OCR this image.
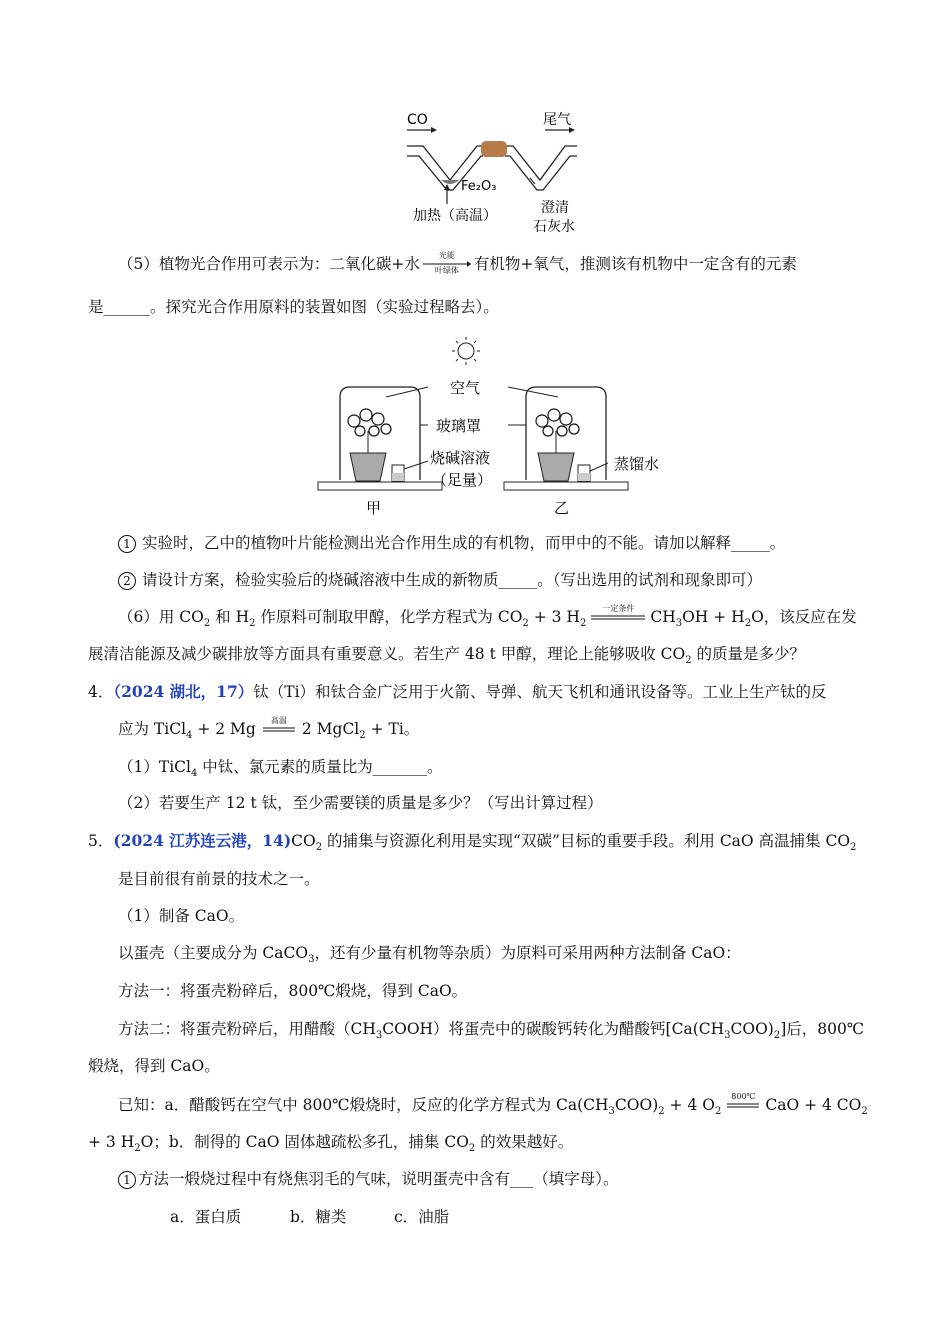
CO	尾气
Fe₂O₃
加热（高温）	澄清
石灰水
（5）植物光合作用可表示为：二氧化碳+水	光能
叶绿体 有机物+氧气，推测该有机物中一定含有的元素
是______。探究光合作用原料的装置如图（实验过程略去）。
空气
玻璃罩
烧碱溶液
（足量）
蒸馏水
甲	乙
1 实验时，乙中的植物叶片能检测出光合作用生成的有机物，而甲中的不能。请加以解释_____。
2 请设计方案，检验实验后的烧碱溶液中生成的新物质_____。（写出选用的试剂和现象即可）
（6）用 $CO_2$ 和 $H_2$ 作原料可制取甲醇，化学方程式为 $CO_2 + 3$ $H_2$
一定条件	$CH_3OH + H_2O$，该反应在发
展清洁能源及减少碳排放等方面具有重要意义。若生产 48 t 甲醇，理论上能够吸收 $CO_2$ 的质量是多少？
4．（2024 湖北，17）钛（Ti）和钛合金广泛用于火箭、导弹、航天飞机和通讯设备等。工业上生产钛的反
应为 TiCl$_4$ + 2 Mg	高温 2 MgCl$_2$ + Ti。
（1）TiCl$_4$ 中钛、氯元素的质量比为_______。
（2）若要生产 12 t 钛，至少需要镁的质量是多少？（写出计算过程）
5．(2024 江苏连云港，$14)CO_2$ 的捕集与资源化利用是实现“双碳”目标的重要手段。利用 CaO 高温捕集 $CO_2$
是目前很有前景的技术之一。
（1）制备 CaO。
以蛋壳（主要成分为 CaCO$_3$，还有少量有机物等杂质）为原料可采用两种方法制备 CaO：
方法一：将蛋壳粉碎后，800℃煅烧，得到 CaO。
方法二：将蛋壳粉碎后，用醋酸$(CH_3COOH)$将蛋壳中的碳酸钙转化为醋酸钙$[Ca(CH_3COO)_2]$后，800℃
煅烧，得到 CaO。
已知：a．醋酸钙在空气中 800℃煅烧时，反应的化学方程式为 $Ca(CH_3COO)_2 + 4$ $O_2$
800℃ CaO + 4 $CO_2$
+ 3 $H_2O$；b．制得的 CaO 固体越疏松多孔，捕集 $CO_2$ 的效果越好。
1 方法一煅烧过程中有烧焦羽毛的气味，说明蛋壳中含有___（填字母）。
a．蛋白质	b．糖类	c．油脂
